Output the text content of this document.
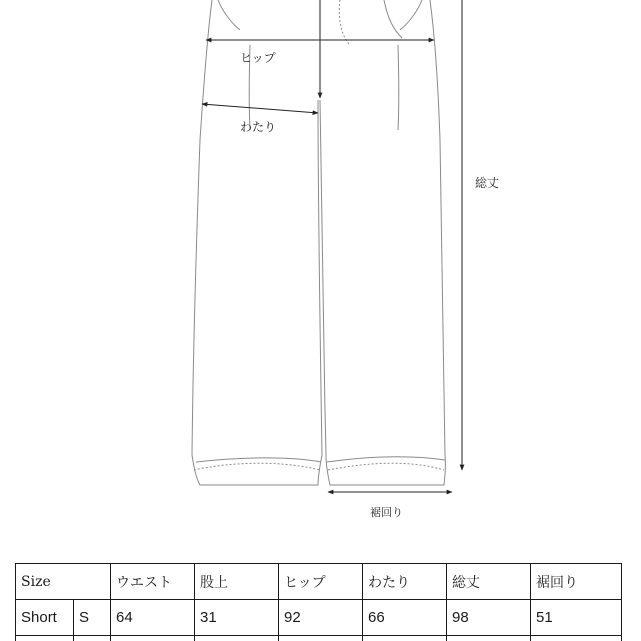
ヒップ
わたり
総丈
裾回り
Size		ウエスト	股上	ヒップ	わたり	総丈	裾回り
Short	S	64	31	92	66	98	51
